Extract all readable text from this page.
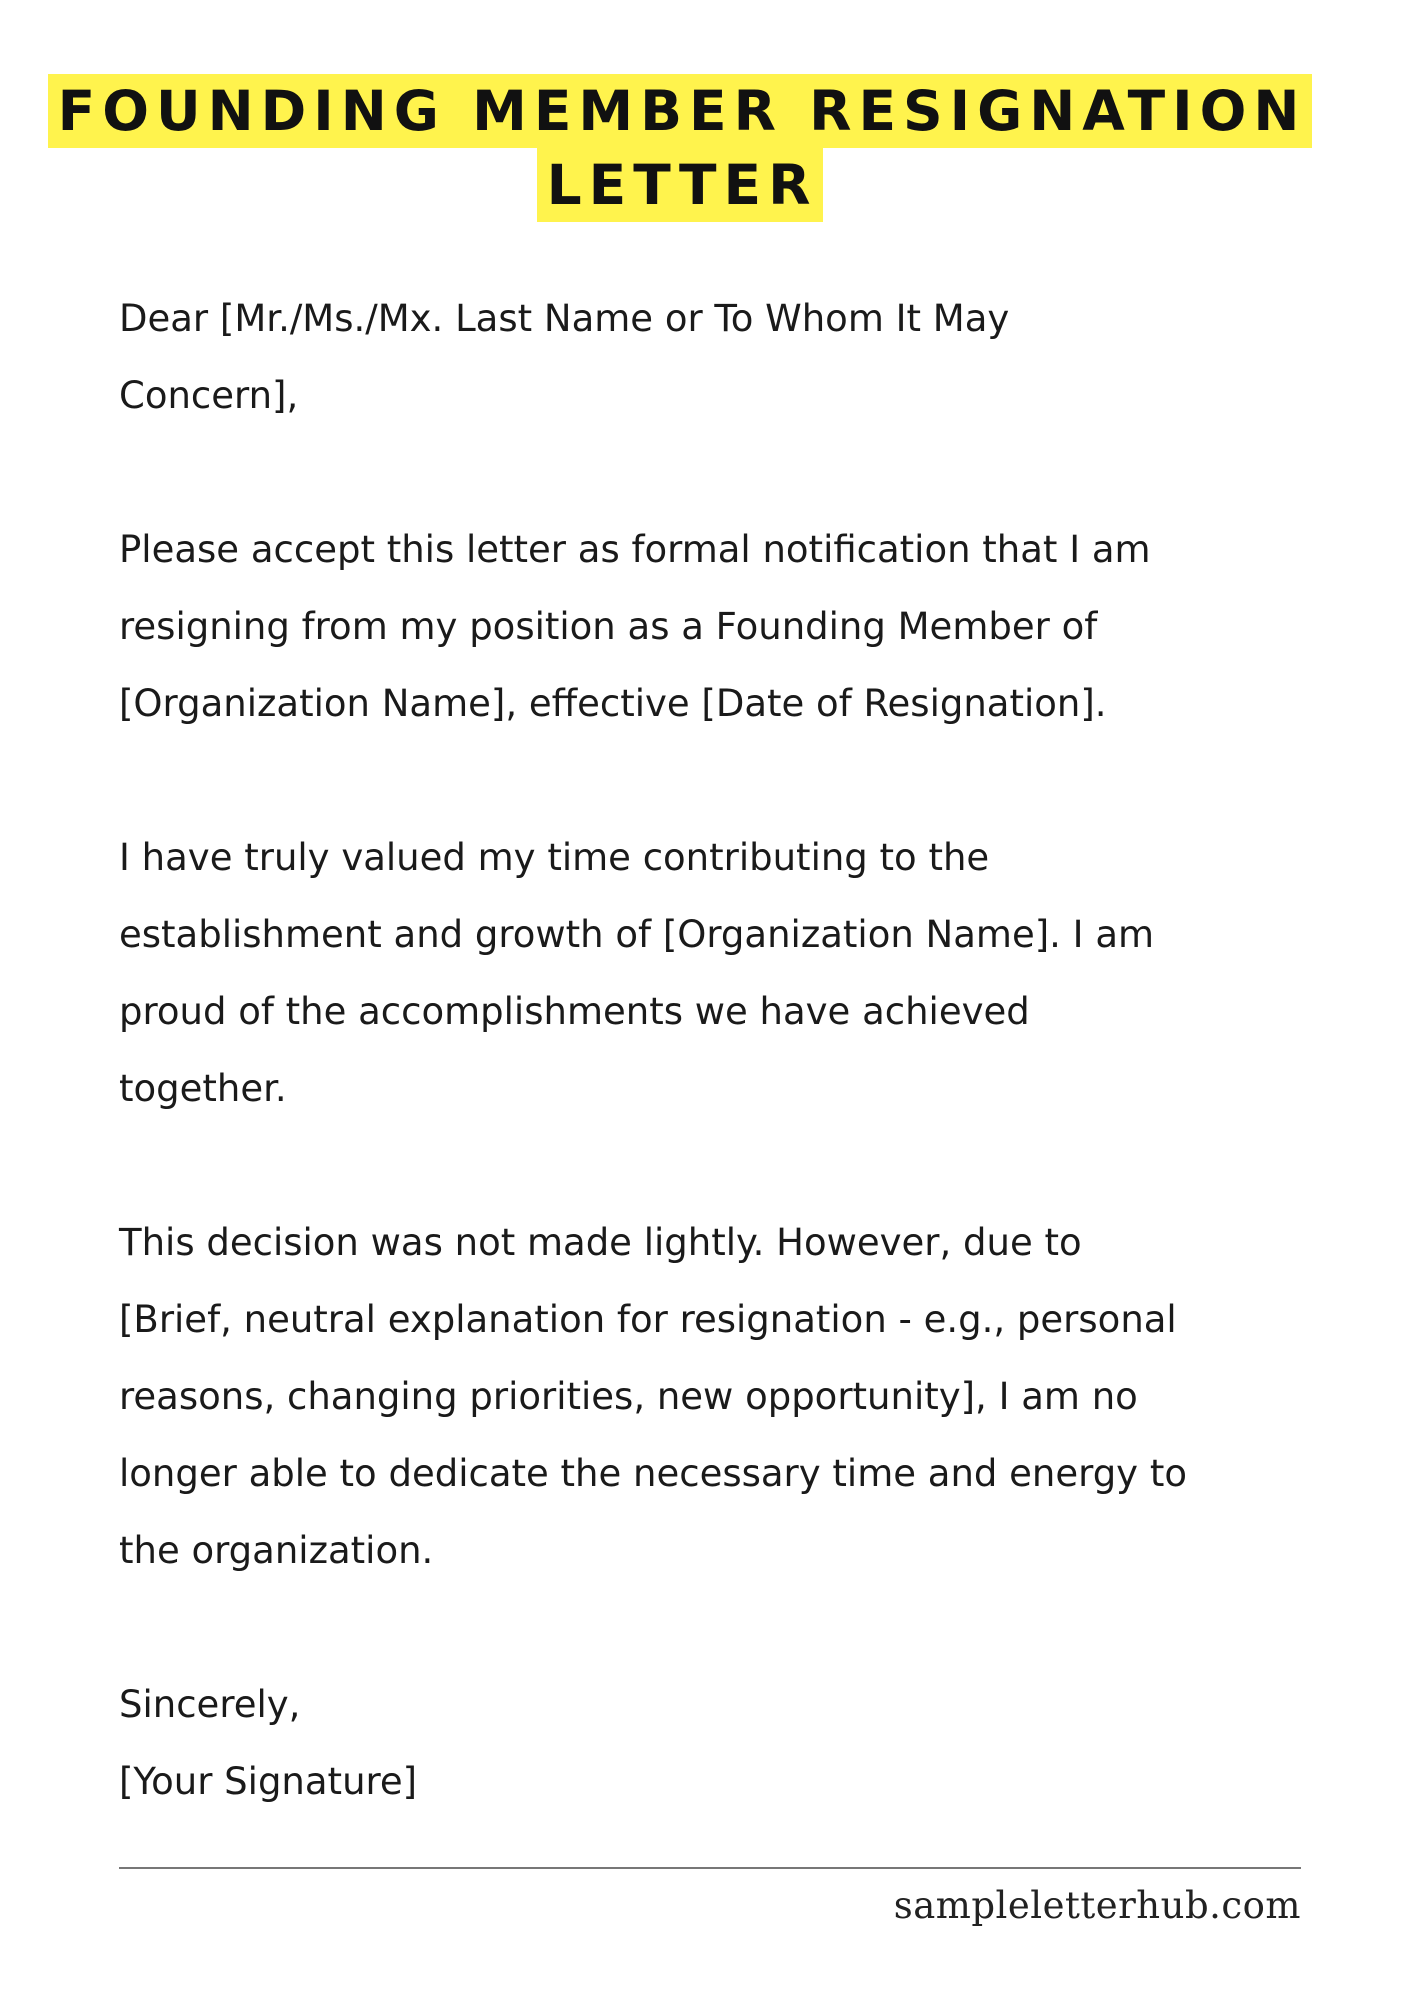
FOUNDING MEMBER RESIGNATION
LETTER
Dear [Mr./Ms./Mx. Last Name or To Whom It May
Concern],
Please accept this letter as formal notification that I am
resigning from my position as a Founding Member of
[Organization Name], effective [Date of Resignation].
I have truly valued my time contributing to the
establishment and growth of [Organization Name]. I am
proud of the accomplishments we have achieved
together.
This decision was not made lightly. However, due to
[Brief, neutral explanation for resignation - e.g., personal
reasons, changing priorities, new opportunity], I am no
longer able to dedicate the necessary time and energy to
the organization.
Sincerely,
[Your Signature]
sampleletterhub.com
